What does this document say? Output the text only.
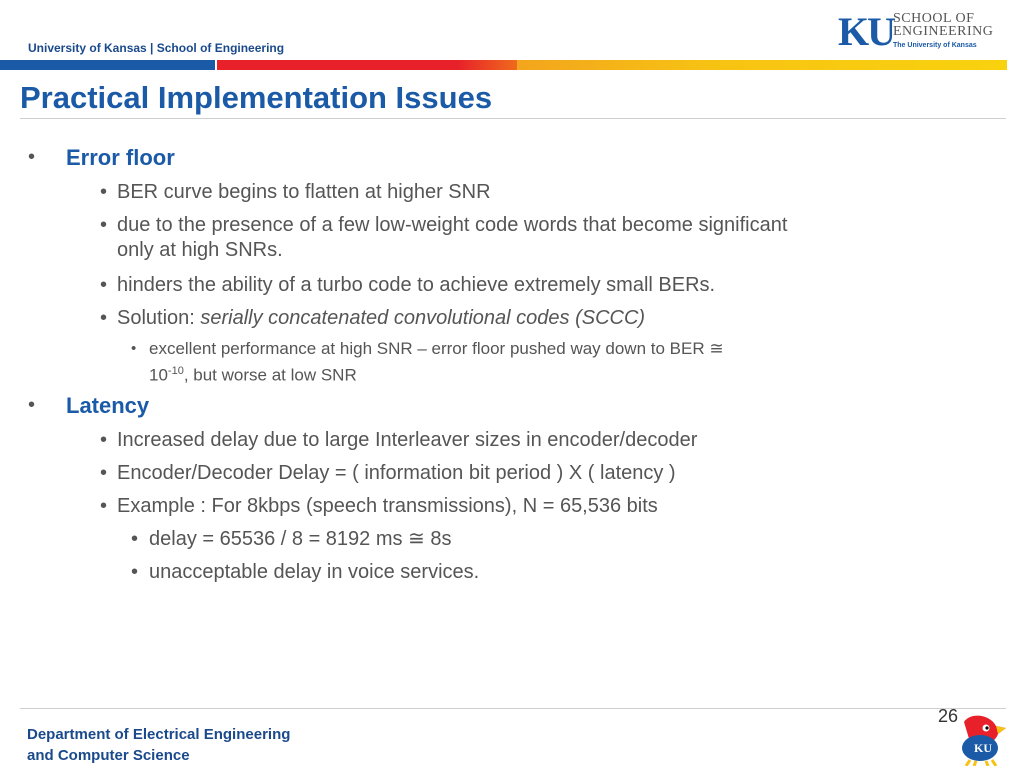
University of Kansas | School of Engineering	KU SCHOOL OF
ENGINEERING
The University of Kansas
Practical Implementation Issues
• Error floor
• BER curve begins to flatten at higher SNR
• due to the presence of a few low-weight code words that become significant only at high SNRs.
• hinders the ability of a turbo code to achieve extremely small BERs.
• Solution: serially concatenated convolutional codes (SCCC)
• excellent performance at high SNR – error floor pushed way down to BER ≅
$10^{-10}$, but worse at low SNR
• Latency
• Increased delay due to large Interleaver sizes in encoder/decoder
• Encoder/Decoder Delay = ( information bit period ) X ( latency )
• Example : For 8kbps (speech transmissions), N = 65,536 bits
• delay = 65536 / 8 = 8192 ms ≅ 8s
• unacceptable delay in voice services.
Department of Electrical Engineering
and Computer Science
26
KU
